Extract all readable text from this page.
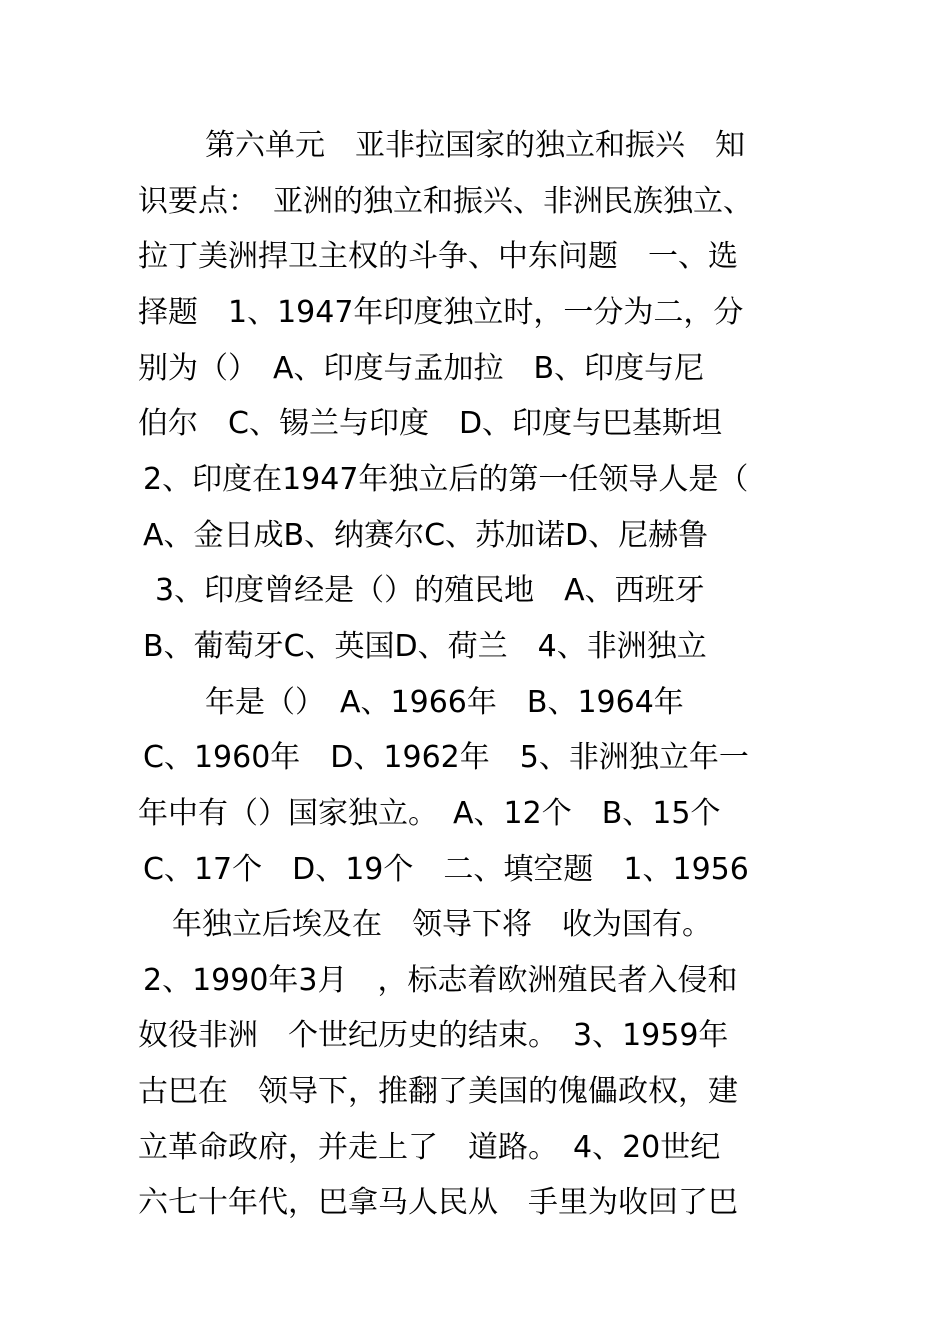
第六单元　亚非拉国家的独立和振兴　知
识要点：　亚洲的独立和振兴、非洲民族独立、
拉丁美洲捍卫主权的斗争、中东问题　一、选
择题　1、1947年印度独立时，一分为二，分
别为（）　A、印度与孟加拉　B、印度与尼
伯尔　C、锡兰与印度　D、印度与巴基斯坦
2、印度在1947年独立后的第一任领导人是（
A、金日成B、纳赛尔C、苏加诺D、尼赫鲁
3、印度曾经是（）的殖民地　A、西班牙
B、葡萄牙C、英国D、荷兰　4、非洲独立
年是（）　A、1966年　B、1964年
C、1960年　D、1962年　5、非洲独立年一
年中有（）国家独立。　A、12个　B、15个
C、17个　D、19个　二、填空题　1、1956
年独立后埃及在　领导下将　收为国有。
2、1990年3月　，标志着欧洲殖民者入侵和
奴役非洲　个世纪历史的结束。　3、1959年
古巴在　领导下，推翻了美国的傀儡政权，建
立革命政府，并走上了　道路。　4、20世纪
六七十年代，巴拿马人民从　手里为收回了巴
